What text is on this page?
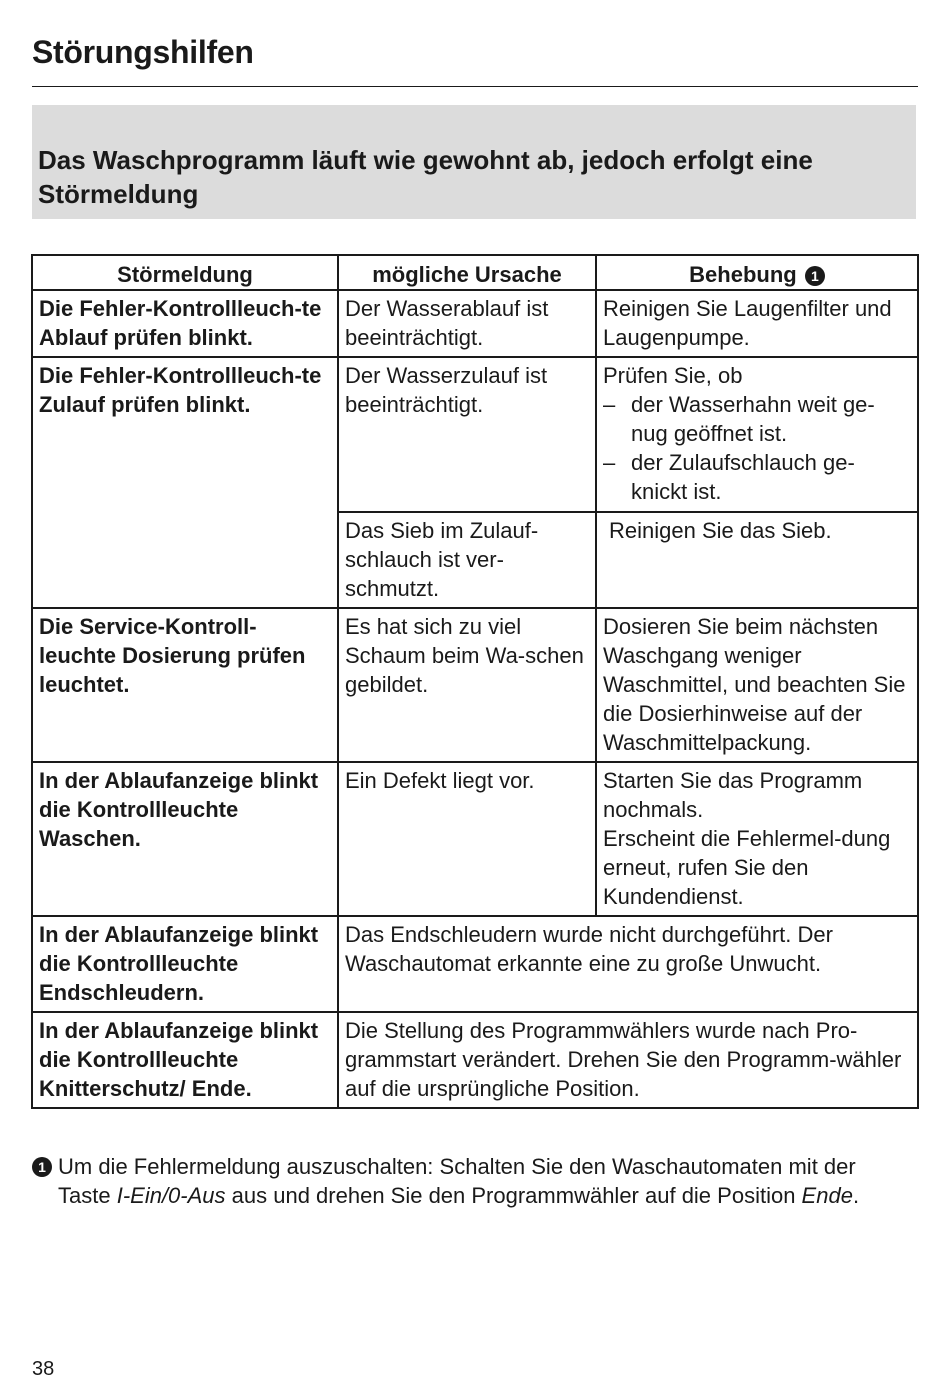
Störungshilfen
Das Waschprogramm läuft wie gewohnt ab, jedoch erfolgt eine Störmeldung
Störmeldung	mögliche Ursache	Behebung 1
Die Fehler-Kontrollleuch-te Ablauf prüfen blinkt.	Der Wasserablauf ist beeinträchtigt.	Reinigen Sie Laugenfilter und Laugenpumpe.
Die Fehler-Kontrollleuch-te Zulauf prüfen blinkt.	Der Wasserzulauf ist beeinträchtigt.	Prüfen Sie, ob
– der Wasserhahn weit ge-nug geöffnet ist.
– der Zulaufschlauch ge-knickt ist.

	Das Sieb im Zulauf-schlauch ist ver-schmutzt.	Reinigen Sie das Sieb.
Die Service-Kontroll-leuchte Dosierung prüfen leuchtet.	Es hat sich zu viel Schaum beim Wa-schen gebildet.	Dosieren Sie beim nächsten Waschgang weniger Waschmittel, und beachten Sie die Dosierhinweise auf der Waschmittelpackung.
In der Ablaufanzeige blinkt die Kontrollleuchte Waschen.	Ein Defekt liegt vor.	Starten Sie das Programm nochmals.
Erscheint die Fehlermel-dung erneut, rufen Sie den Kundendienst.

In der Ablaufanzeige blinkt die Kontrollleuchte Endschleudern.	Das Endschleudern wurde nicht durchgeführt. Der Waschautomat erkannte eine zu große Unwucht.	
In der Ablaufanzeige blinkt die Kontrollleuchte Knitterschutz/ Ende.	Die Stellung des Programmwählers wurde nach Pro-grammstart verändert. Drehen Sie den Programm-wähler auf die ursprüngliche Position.	
1 Um die Fehlermeldung auszuschalten: Schalten Sie den Waschautomaten mit der Taste I-Ein/0-Aus aus und drehen Sie den Programmwähler auf die Position Ende.
38
